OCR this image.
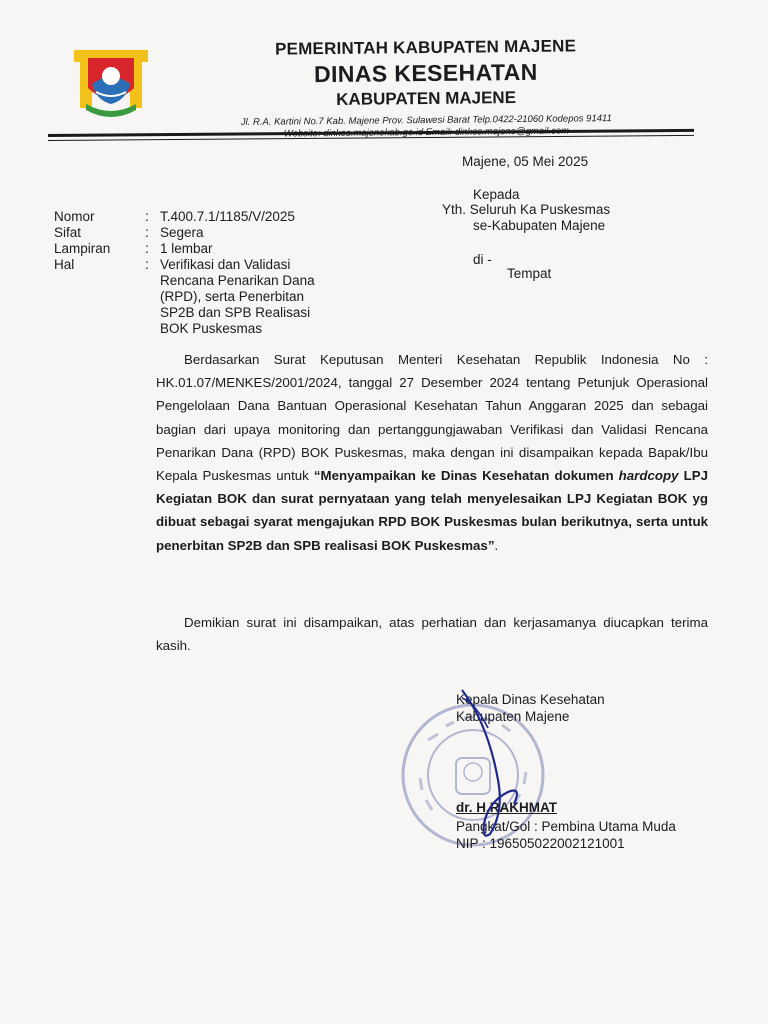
PEMERINTAH KABUPATEN MAJENE
DINAS KESEHATAN
KABUPATEN MAJENE
Jl. R.A. Kartini No.7 Kab. Majene Prov. Sulawesi Barat Telp.0422-21060 Kodepos 91411
Majene, 05 Mei 2025
Kepada
Yth. Seluruh Ka Puskesmas
se-Kabupaten Majene
di -
Tempat
Nomor	: T.400.7.1/1185/V/2025
Sifat	: Segera
Lampiran	: 1 lembar
Hal	: Verifikasi dan Validasi
Rencana Penarikan Dana
(RPD), serta Penerbitan
SP2B dan SPB Realisasi
BOK Puskesmas
Berdasarkan Surat Keputusan Menteri Kesehatan Republik Indonesia No : HK.01.07/MENKES/2001/2024, tanggal 27 Desember 2024 tentang Petunjuk Operasional Pengelolaan Dana Bantuan Operasional Kesehatan Tahun Anggaran 2025 dan sebagai bagian dari upaya monitoring dan pertanggungjawaban Verifikasi dan Validasi Rencana Penarikan Dana (RPD) BOK Puskesmas, maka dengan ini disampaikan kepada Bapak/Ibu Kepala Puskesmas untuk “Menyampaikan ke Dinas Kesehatan dokumen hardcopy LPJ Kegiatan BOK dan surat pernyataan yang telah menyelesaikan LPJ Kegiatan BOK yg dibuat sebagai syarat mengajukan RPD BOK Puskesmas bulan berikutnya, serta untuk penerbitan SP2B dan SPB realisasi BOK Puskesmas”.
Demikian surat ini disampaikan, atas perhatian dan kerjasamanya diucapkan terima kasih.
Kepala Dinas Kesehatan
Kabupaten Majene
dr. H.RAKHMAT
Pangkat/Gol : Pembina Utama Muda
NIP : 196505022002121001
